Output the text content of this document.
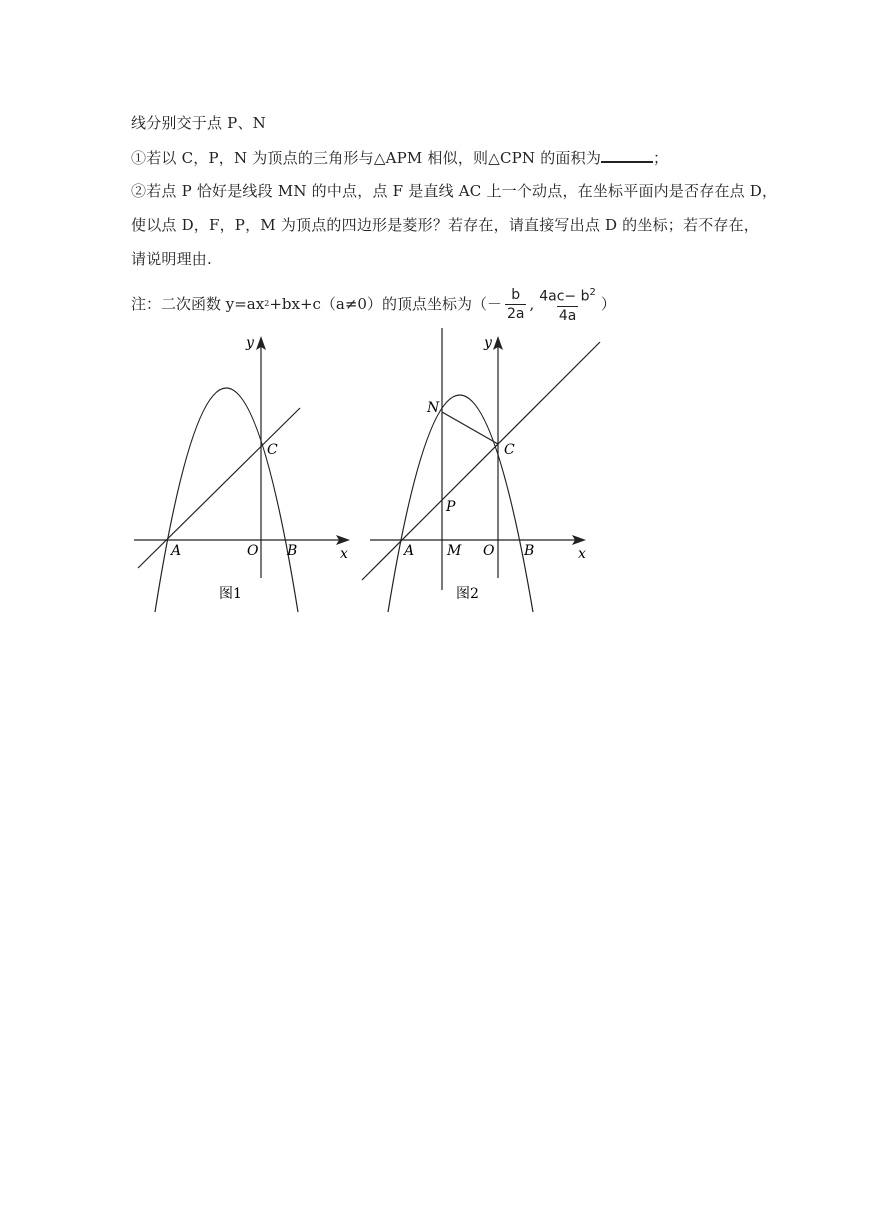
线分别交于点 P、N
①若以 C，P，N 为顶点的三角形与△APM 相似，则△CPN 的面积为	；
②若点 P 恰好是线段 MN 的中点，点 F 是直线 AC 上一个动点，在坐标平面内是否存在点 D，
使以点 D，F，P，M 为顶点的四边形是菱形？若存在，请直接写出点 D 的坐标；若不存在，
请说明理由.
注：二次函数 y=ax 2 +bx+c（a≠0）的顶点坐标为（－ $\frac{b}{2a}$ , $\frac{4ac- b^2}{4a}$ ）
y
x
A	O B
C
图1
y
x
A M O B
C
N
P
图2
